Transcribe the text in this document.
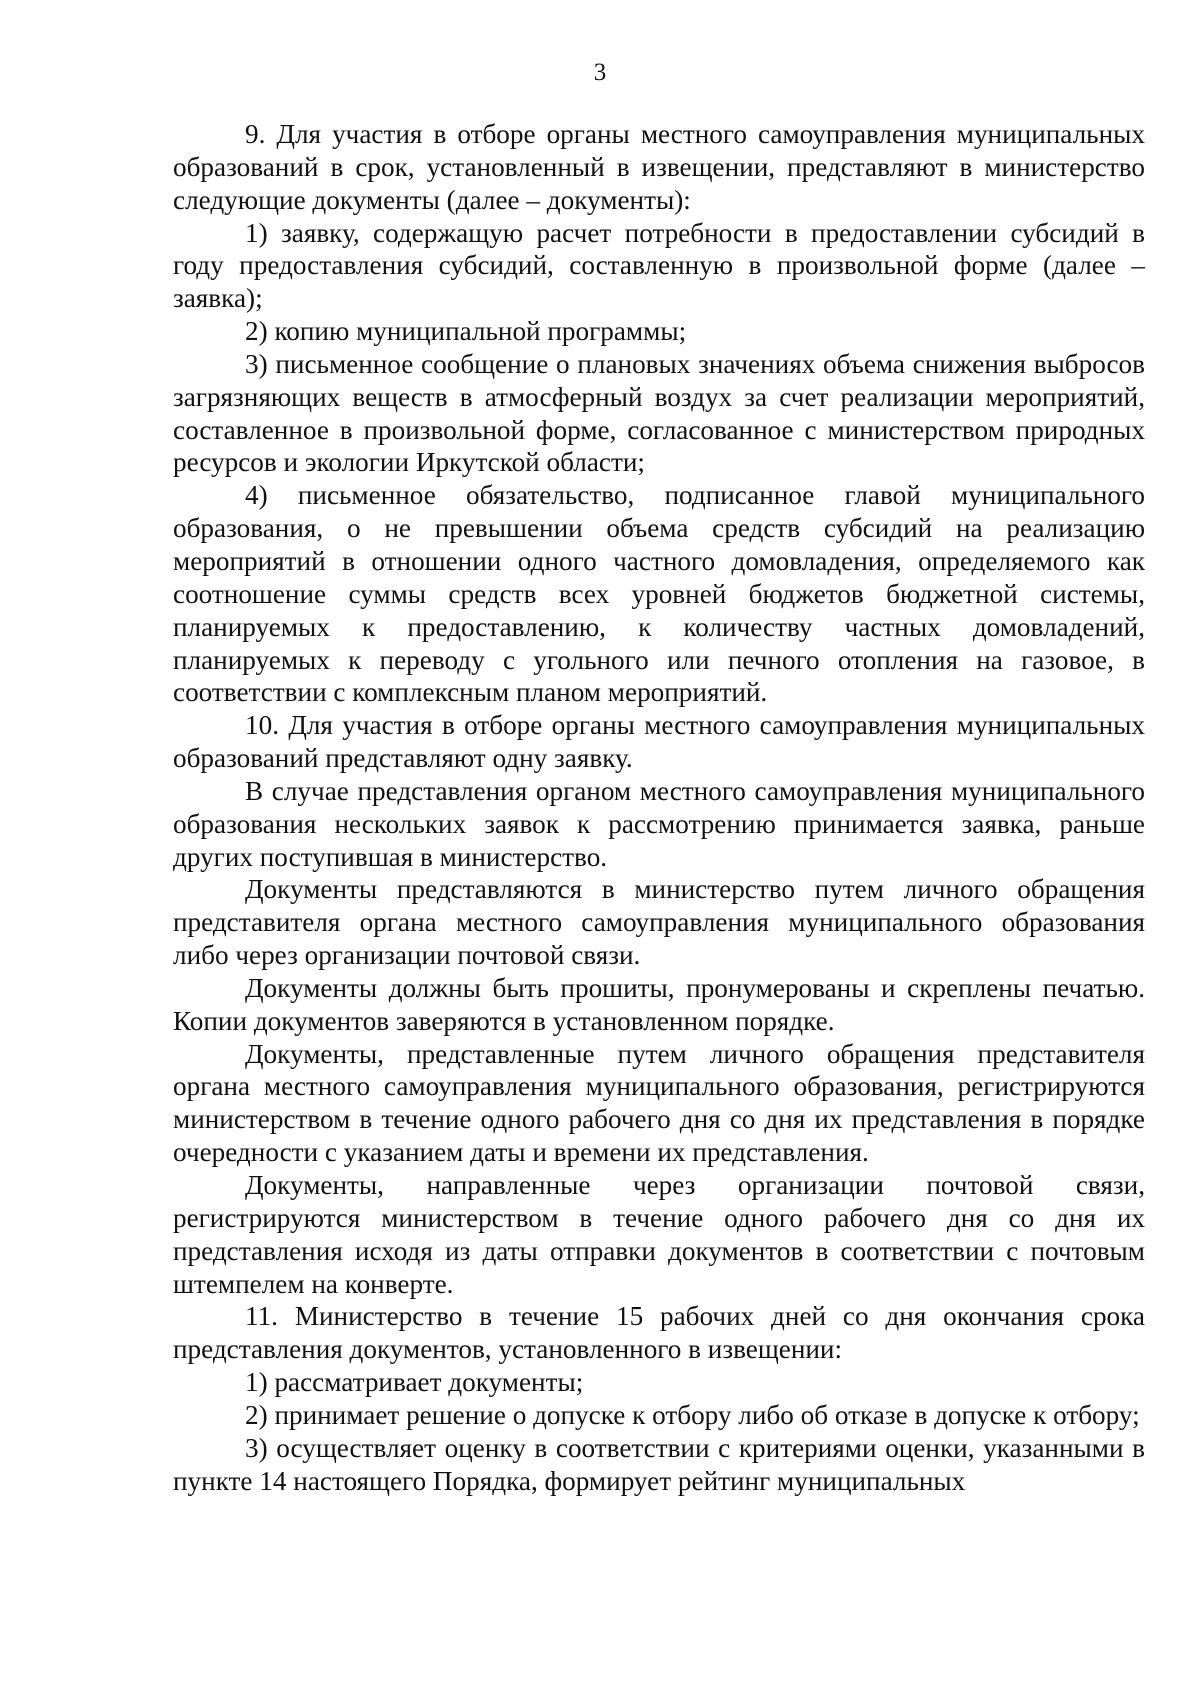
3

9. Для участия в отборе органы местного самоуправления муниципальных образований в срок, установленный в извещении, представляют в министерство следующие документы (далее – документы):

1) заявку, содержащую расчет потребности в предоставлении субсидий в году предоставления субсидий, составленную в произвольной форме (далее – заявка);

2) копию муниципальной программы;

3) письменное сообщение о плановых значениях объема снижения выбросов загрязняющих веществ в атмосферный воздух за счет реализации мероприятий, составленное в произвольной форме, согласованное с министерством природных ресурсов и экологии Иркутской области;

4) письменное обязательство, подписанное главой муниципального образования, о не превышении объема средств субсидий на реализацию мероприятий в отношении одного частного домовладения, определяемого как соотношение суммы средств всех уровней бюджетов бюджетной системы, планируемых к предоставлению, к количеству частных домовладений, планируемых к переводу с угольного или печного отопления на газовое, в соответствии с комплексным планом мероприятий.

10. Для участия в отборе органы местного самоуправления муниципальных образований представляют одну заявку.

В случае представления органом местного самоуправления муниципального образования нескольких заявок к рассмотрению принимается заявка, раньше других поступившая в министерство.

Документы представляются в министерство путем личного обращения представителя органа местного самоуправления муниципального образования либо через организации почтовой связи.

Документы должны быть прошиты, пронумерованы и скреплены печатью. Копии документов заверяются в установленном порядке.

Документы, представленные путем личного обращения представителя органа местного самоуправления муниципального образования, регистрируются министерством в течение одного рабочего дня со дня их представления в порядке очередности с указанием даты и времени их представления.

Документы, направленные через организации почтовой связи, регистрируются министерством в течение одного рабочего дня со дня их представления исходя из даты отправки документов в соответствии с почтовым штемпелем на конверте.

11. Министерство в течение 15 рабочих дней со дня окончания срока представления документов, установленного в извещении:

1) рассматривает документы;

2) принимает решение о допуске к отбору либо об отказе в допуске к отбору;

3) осуществляет оценку в соответствии с критериями оценки, указанными в пункте 14 настоящего Порядка, формирует рейтинг муниципальных
